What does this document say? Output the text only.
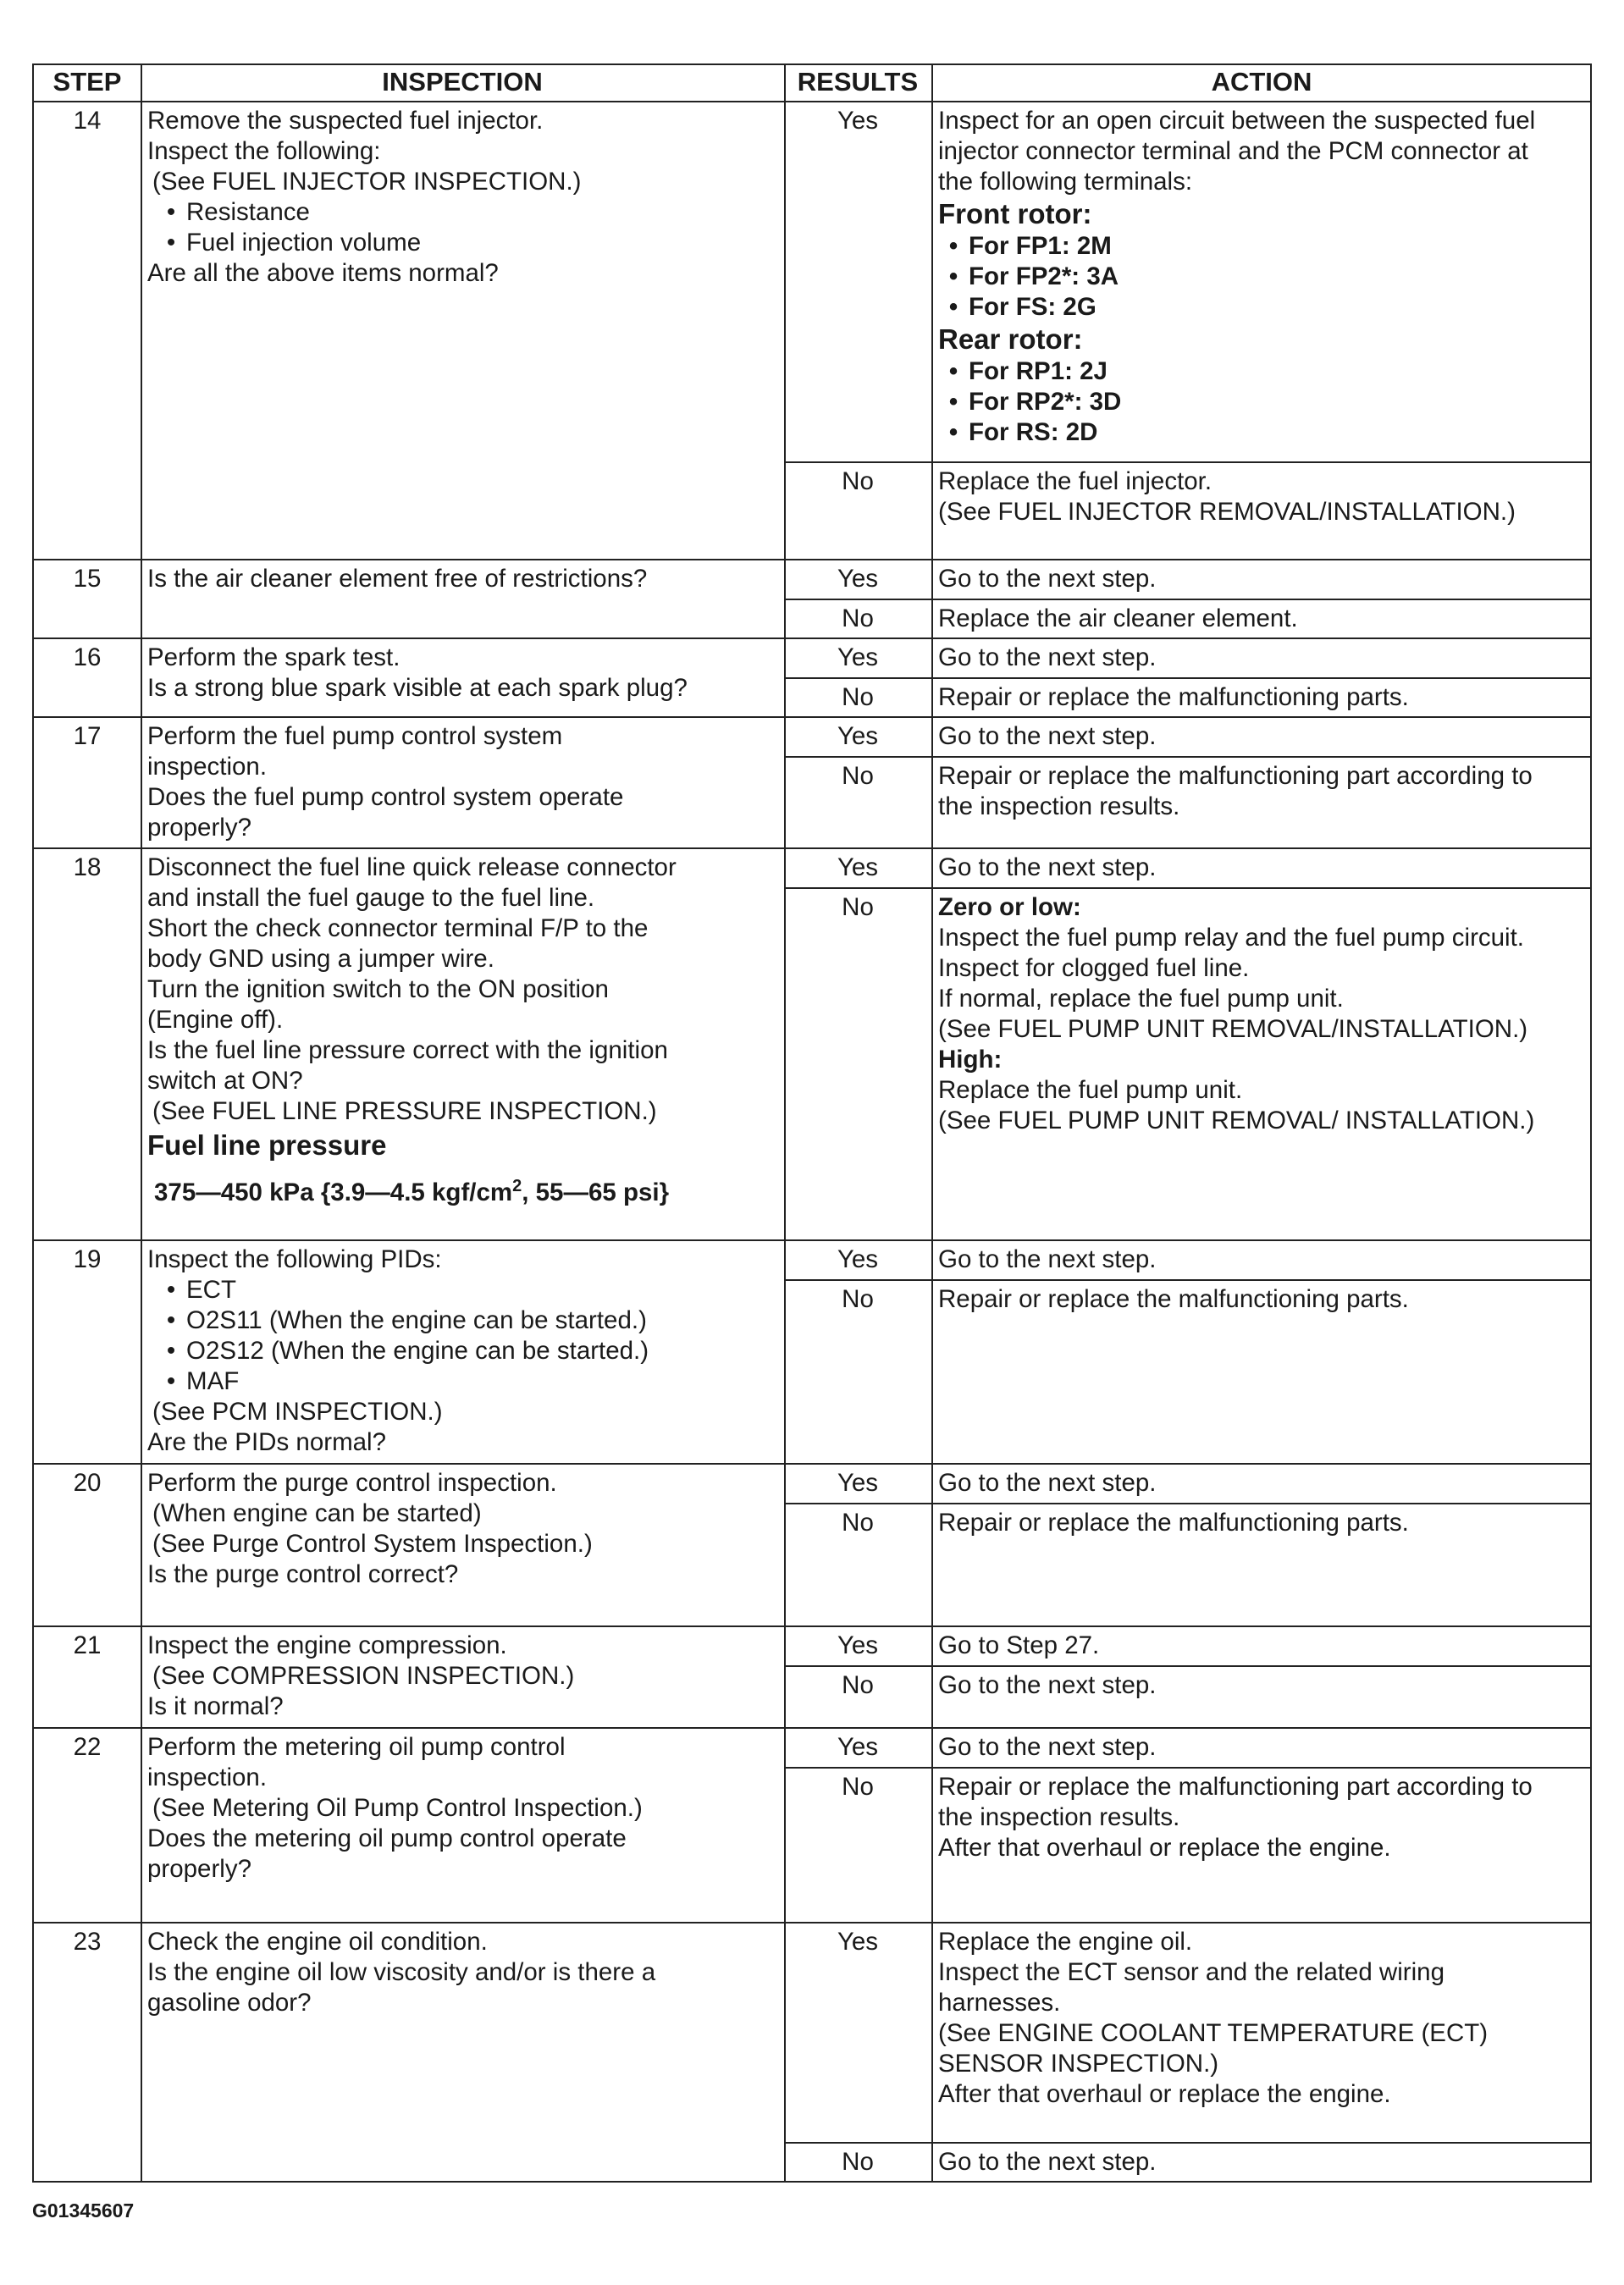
STEP	INSPECTION	RESULTS	ACTION
14	Remove the suspected fuel injector.
Inspect the following:
(See FUEL INJECTOR INSPECTION.)
• Resistance
• Fuel injection volume
Are all the above items normal?
Yes	Inspect for an open circuit between the suspected fuel
injector connector terminal and the PCM connector at
the following terminals:
Front rotor:
• For FP1: 2M
• For FP2*: 3A
• For FS: 2G
Rear rotor:
• For RP1: 2J
• For RP2*: 3D
• For RS: 2D
No	Replace the fuel injector.
(See FUEL INJECTOR REMOVAL/INSTALLATION.)
15	Is the air cleaner element free of restrictions?	Yes	Go to the next step.
No	Replace the air cleaner element.
16	Perform the spark test.
Is a strong blue spark visible at each spark plug?
Yes	Go to the next step.
No	Repair or replace the malfunctioning parts.
17	Perform the fuel pump control system
inspection.
Does the fuel pump control system operate
properly?
Yes	Go to the next step.
No	Repair or replace the malfunctioning part according to
the inspection results.
18	Disconnect the fuel line quick release connector
and install the fuel gauge to the fuel line.
Short the check connector terminal F/P to the
body GND using a jumper wire.
Turn the ignition switch to the ON position
(Engine off).
Is the fuel line pressure correct with the ignition
switch at ON?
(See FUEL LINE PRESSURE INSPECTION.)
Fuel line pressure
375—450 kPa {3.9—4.5 kgf/$cm^2$, 55—65 psi}
Yes	Go to the next step.
No	Zero or low:
Inspect the fuel pump relay and the fuel pump circuit.
Inspect for clogged fuel line.
If normal, replace the fuel pump unit.
(See FUEL PUMP UNIT REMOVAL/INSTALLATION.)
High:
Replace the fuel pump unit.
(See FUEL PUMP UNIT REMOVAL/ INSTALLATION.)
19	Inspect the following PIDs:
• ECT
• O2S11 (When the engine can be started.)
• O2S12 (When the engine can be started.)
• MAF
(See PCM INSPECTION.)
Are the PIDs normal?
Yes	Go to the next step.
No	Repair or replace the malfunctioning parts.
20	Perform the purge control inspection.
(When engine can be started)
(See Purge Control System Inspection.)
Is the purge control correct?
Yes	Go to the next step.
No	Repair or replace the malfunctioning parts.
21	Inspect the engine compression.
(See COMPRESSION INSPECTION.)
Is it normal?
Yes	Go to Step 27.
No	Go to the next step.
22	Perform the metering oil pump control
inspection.
(See Metering Oil Pump Control Inspection.)
Does the metering oil pump control operate
properly?
Yes	Go to the next step.
No	Repair or replace the malfunctioning part according to
the inspection results.
After that overhaul or replace the engine.
23	Check the engine oil condition.
Is the engine oil low viscosity and/or is there a
gasoline odor?
Yes	Replace the engine oil.
Inspect the ECT sensor and the related wiring
harnesses.
(See ENGINE COOLANT TEMPERATURE (ECT)
SENSOR INSPECTION.)
After that overhaul or replace the engine.
No	Go to the next step.
G01345607
